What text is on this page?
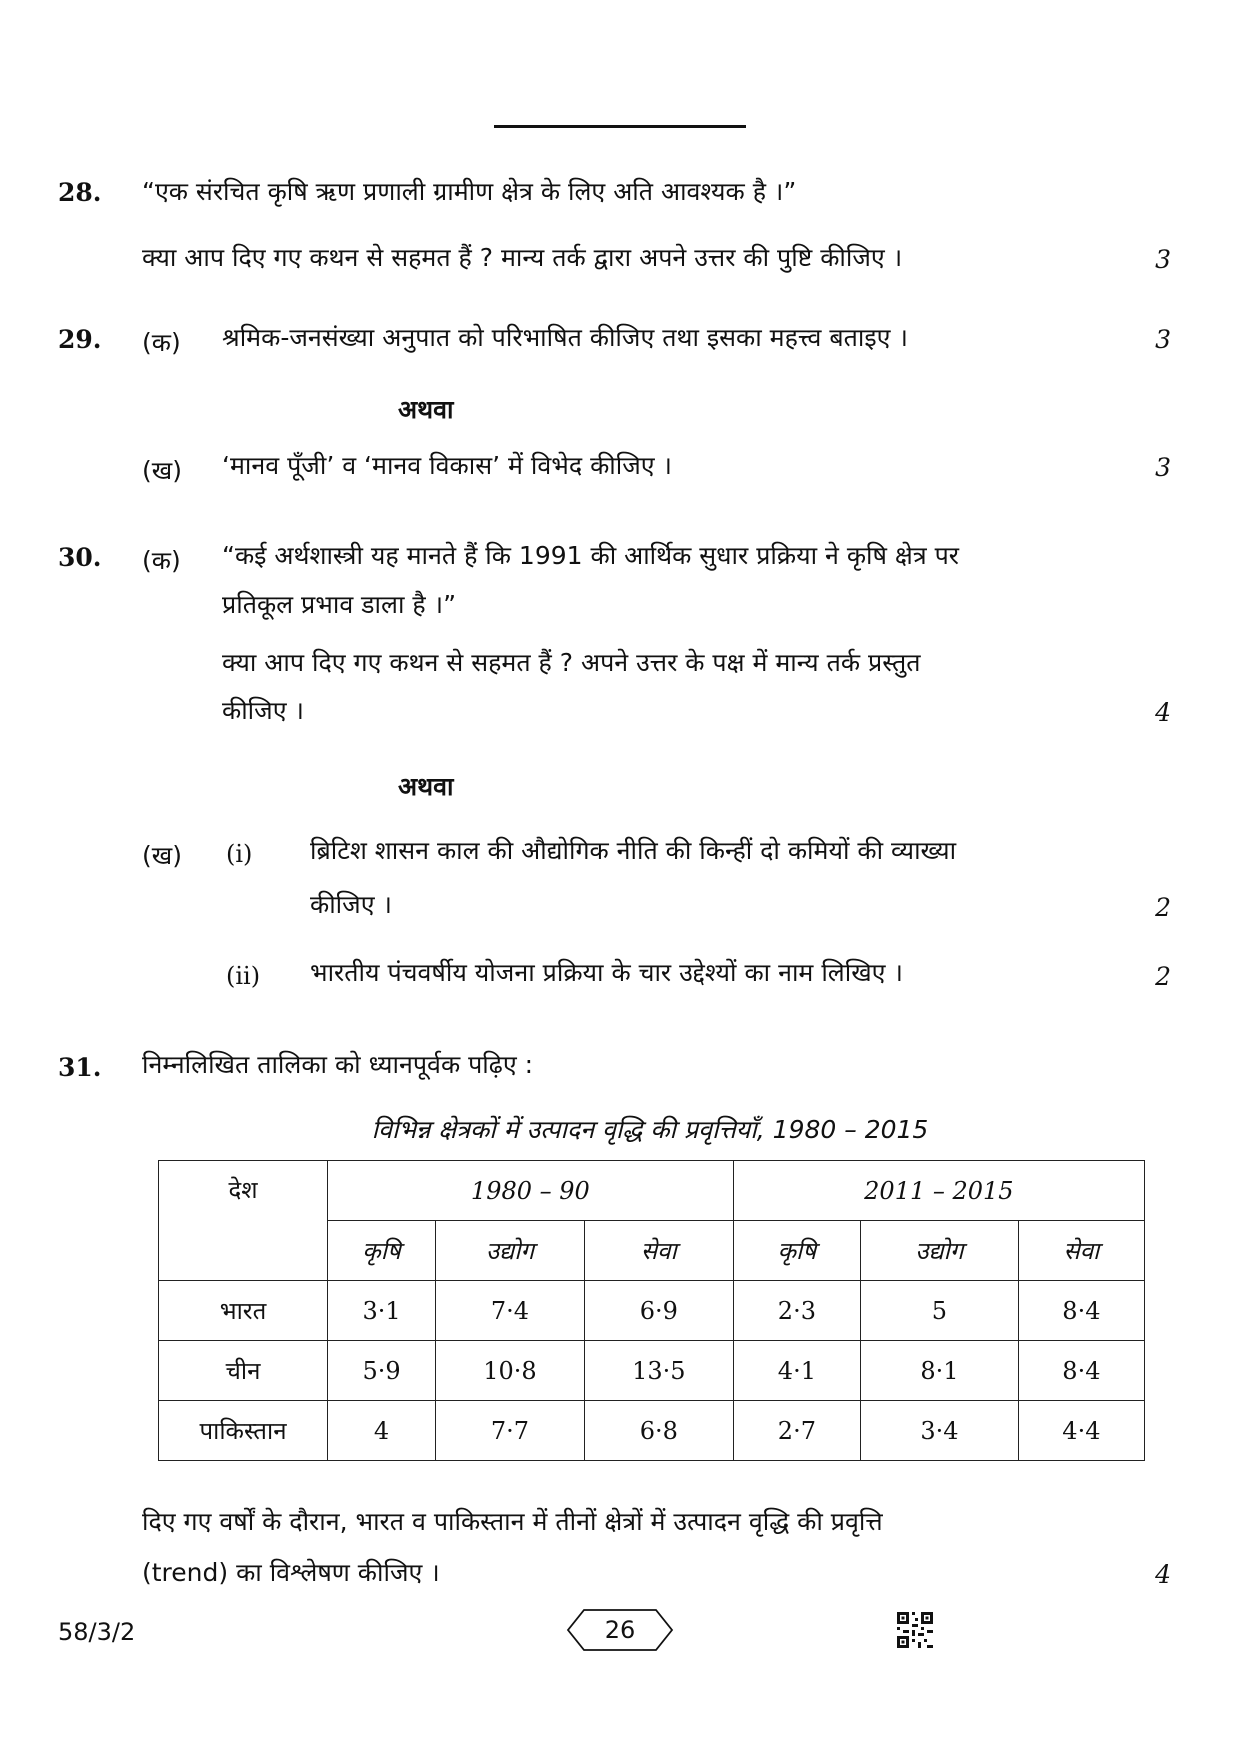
28. “एक संरचित कृषि ऋण प्रणाली ग्रामीण क्षेत्र के लिए अति आवश्यक है ।”
क्या आप दिए गए कथन से सहमत हैं ? मान्य तर्क द्वारा अपने उत्तर की पुष्टि कीजिए ।	3
29. (क) श्रमिक-जनसंख्या अनुपात को परिभाषित कीजिए तथा इसका महत्त्व बताइए ।	3
अथवा
(ख) ‘मानव पूँजी’ व ‘मानव विकास’ में विभेद कीजिए ।	3
30. (क) “कई अर्थशास्त्री यह मानते हैं कि 1991 की आर्थिक सुधार प्रक्रिया ने कृषि क्षेत्र पर
प्रतिकूल प्रभाव डाला है ।”
क्या आप दिए गए कथन से सहमत हैं ? अपने उत्तर के पक्ष में मान्य तर्क प्रस्तुत
कीजिए ।	4
अथवा
(ख) (i) ब्रिटिश शासन काल की औद्योगिक नीति की किन्हीं दो कमियों की व्याख्या
कीजिए ।	2
(ii) भारतीय पंचवर्षीय योजना प्रक्रिया के चार उद्देश्यों का नाम लिखिए ।	2
31. निम्नलिखित तालिका को ध्यानपूर्वक पढ़िए :
विभिन्न क्षेत्रकों में उत्पादन वृद्धि की प्रवृत्तियाँ, 1980 – 2015
देश	1980 – 90			2011 – 2015		
	कृषि	उद्योग	सेवा	कृषि	उद्योग	सेवा
भारत	3·1	7·4	6·9	2·3	5	8·4
चीन	5·9	10·8	13·5	4·1	8·1	8·4
पाकिस्तान	4	7·7	6·8	2·7	3·4	4·4
दिए गए वर्षों के दौरान, भारत व पाकिस्तान में तीनों क्षेत्रों में उत्पादन वृद्धि की प्रवृत्ति
(trend) का विश्लेषण कीजिए ।	4
58/3/2	26
